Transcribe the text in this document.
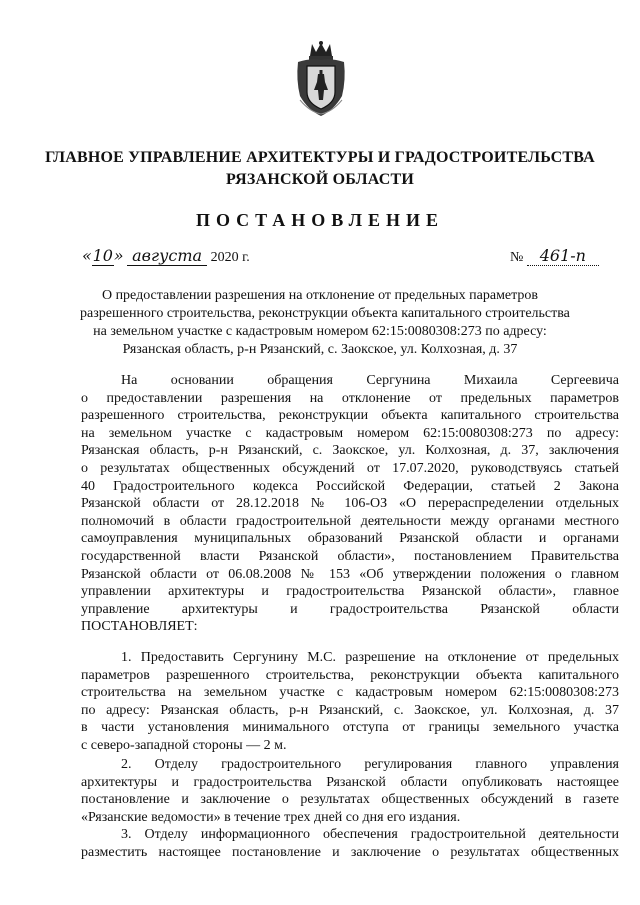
ГЛАВНОЕ УПРАВЛЕНИЕ АРХИТЕКТУРЫ И ГРАДОСТРОИТЕЛЬСТВА
РЯЗАНСКОЙ ОБЛАСТИ
ПОСТАНОВЛЕНИЕ
«10» августа 2020 г.	№ 461-п
О предоставлении разрешения на отклонение от предельных параметров
разрешенного строительства, реконструкции объекта капитального строительства
на земельном участке с кадастровым номером 62:15:0080308:273 по адресу:
Рязанская область, р-н Рязанский, с. Заокское, ул. Колхозная, д. 37
На основании обращения Сергунина Михаила Сергеевича
о предоставлении разрешения на отклонение от предельных параметров
разрешенного строительства, реконструкции объекта капитального строительства
на земельном участке с кадастровым номером 62:15:0080308:273 по адресу:
Рязанская область, р-н Рязанский, с. Заокское, ул. Колхозная, д. 37, заключения
о результатах общественных обсуждений от 17.07.2020, руководствуясь статьей
40 Градостроительного кодекса Российской Федерации, статьей 2 Закона
Рязанской области от 28.12.2018 № 106-ОЗ «О перераспределении отдельных
полномочий в области градостроительной деятельности между органами местного
самоуправления муниципальных образований Рязанской области и органами
государственной власти Рязанской области», постановлением Правительства
Рязанской области от 06.08.2008 № 153 «Об утверждении положения о главном
управлении архитектуры и градостроительства Рязанской области», главное
управление архитектуры и градостроительства Рязанской области
ПОСТАНОВЛЯЕТ:
1. Предоставить Сергунину М.С. разрешение на отклонение от предельных
параметров разрешенного строительства, реконструкции объекта капитального
строительства на земельном участке с кадастровым номером 62:15:0080308:273
по адресу: Рязанская область, р-н Рязанский, с. Заокское, ул. Колхозная, д. 37
в части установления минимального отступа от границы земельного участка
с северо-западной стороны — 2 м.
2. Отделу градостроительного регулирования главного управления
архитектуры и градостроительства Рязанской области опубликовать настоящее
постановление и заключение о результатах общественных обсуждений в газете
«Рязанские ведомости» в течение трех дней со дня его издания.
3. Отделу информационного обеспечения градостроительной деятельности
разместить настоящее постановление и заключение о результатах общественных
